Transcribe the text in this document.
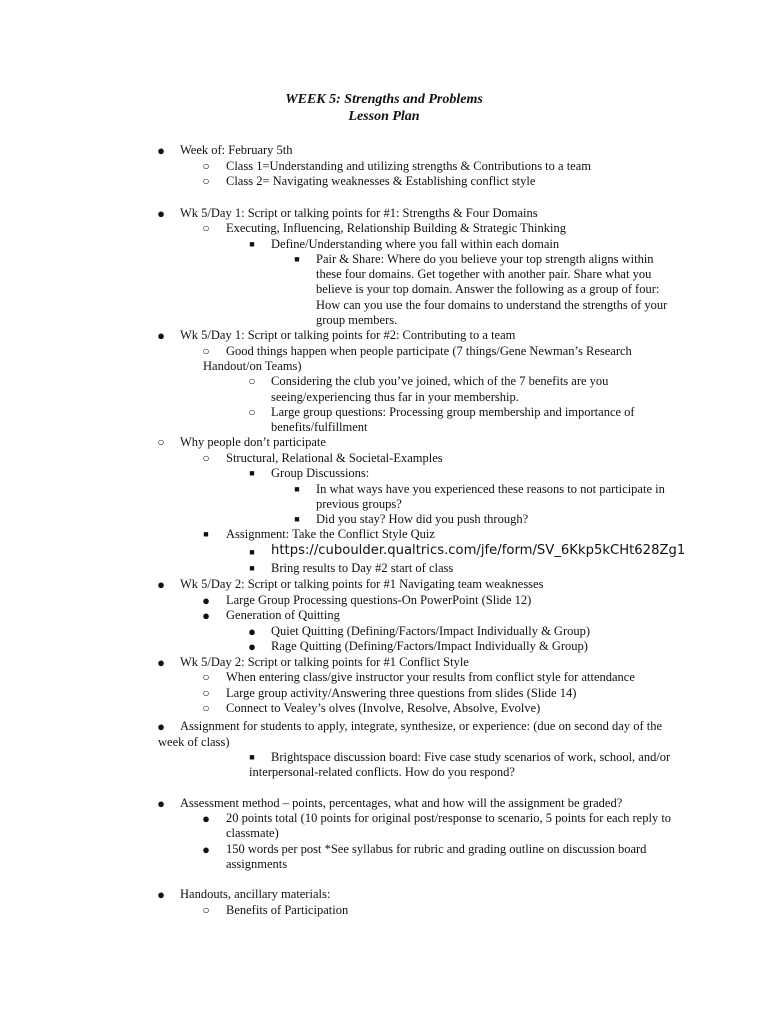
WEEK 5: Strengths and Problems
Lesson Plan
● Week of: February 5th
○ Class 1=Understanding and utilizing strengths & Contributions to a team
○ Class 2= Navigating weaknesses & Establishing conflict style
● Wk 5/Day 1: Script or talking points for #1: Strengths & Four Domains
○ Executing, Influencing, Relationship Building & Strategic Thinking
■ Define/Understanding where you fall within each domain
■ Pair & Share: Where do you believe your top strength aligns within
these four domains. Get together with another pair. Share what you
believe is your top domain. Answer the following as a group of four:
How can you use the four domains to understand the strengths of your
group members.
● Wk 5/Day 1: Script or talking points for #2: Contributing to a team
○ Good things happen when people participate (7 things/Gene Newman’s Research
Handout/on Teams)
○ Considering the club you’ve joined, which of the 7 benefits are you
seeing/experiencing thus far in your membership.
○ Large group questions: Processing group membership and importance of
benefits/fulfillment
○ Why people don’t participate
○ Structural, Relational & Societal-Examples
■ Group Discussions:
■ In what ways have you experienced these reasons to not participate in
previous groups?
■ Did you stay? How did you push through?
■ Assignment: Take the Conflict Style Quiz
■ https://cuboulder.qualtrics.com/jfe/form/SV_6Kkp5kCHt628Zg1
■ Bring results to Day #2 start of class
● Wk 5/Day 2: Script or talking points for #1 Navigating team weaknesses
● Large Group Processing questions-On PowerPoint (Slide 12)
● Generation of Quitting
● Quiet Quitting (Defining/Factors/Impact Individually & Group)
● Rage Quitting (Defining/Factors/Impact Individually & Group)
● Wk 5/Day 2: Script or talking points for #1 Conflict Style
○ When entering class/give instructor your results from conflict style for attendance
○ Large group activity/Answering three questions from slides (Slide 14)
○ Connect to Vealey’s olves (Involve, Resolve, Absolve, Evolve)
● Assignment for students to apply, integrate, synthesize, or experience: (due on second day of the
week of class)
■ Brightspace discussion board: Five case study scenarios of work, school, and/or
interpersonal-related conflicts. How do you respond?
● Assessment method – points, percentages, what and how will the assignment be graded?
● 20 points total (10 points for original post/response to scenario, 5 points for each reply to
classmate)
● 150 words per post *See syllabus for rubric and grading outline on discussion board
assignments
● Handouts, ancillary materials:
○ Benefits of Participation
